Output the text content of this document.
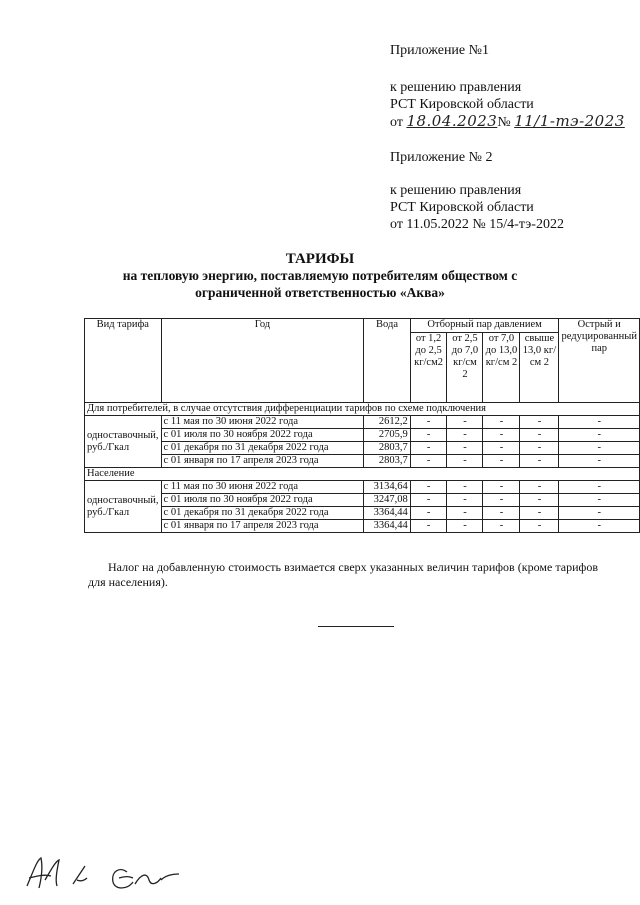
Приложение №1
к решению правления
РСТ Кировской области
от 18.04.2023№ 11/1-тэ-2023
Приложение № 2
к решению правления
РСТ Кировской области
от 11.05.2022 № 15/4-тэ-2022
ТАРИФЫ
на тепловую энергию, поставляемую потребителям обществом с
ограниченной ответственностью «Аква»
Вид тарифа	Год	Вода	Отборный пар давлением				Острый и редуцированный пар
			от 1,2 до 2,5 кг/см2	от 2,5 до 7,0 кг/см 2	от 7,0 до 13,0 кг/см 2	свыше 13,0 кг/см 2	
Для потребителей, в случае отсутствия дифференциации тарифов по схеме подключения							
одноставочный, руб./Гкал	с 11 мая по 30 июня 2022 года	2612,2	-	-	-	-	-
	с 01 июля по 30 ноября 2022 года	2705,9	-	-	-	-	-
	с 01 декабря по 31 декабря 2022 года	2803,7	-	-	-	-	-
	с 01 января по 17 апреля 2023 года	2803,7	-	-	-	-	-
Население							
одноставочный, руб./Гкал	с 11 мая по 30 июня 2022 года	3134,64	-	-	-	-	-
	с 01 июля по 30 ноября 2022 года	3247,08	-	-	-	-	-
	с 01 декабря по 31 декабря 2022 года	3364,44	-	-	-	-	-
	с 01 января по 17 апреля 2023 года	3364,44	-	-	-	-	-
Налог на добавленную стоимость взимается сверх указанных величин тарифов (кроме тарифов для населения).
